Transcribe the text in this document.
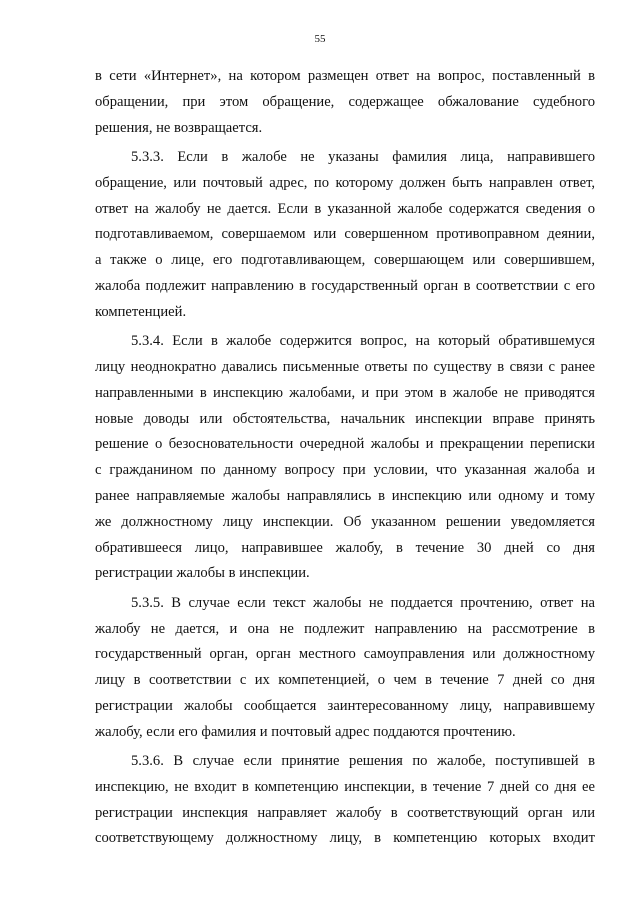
55

в сети «Интернет», на котором размещен ответ на вопрос, поставленный в
обращении, при этом обращение, содержащее обжалование судебного
решения, не возвращается.

5.3.3. Если в жалобе не указаны фамилия лица, направившего
обращение, или почтовый адрес, по которому должен быть направлен ответ,
ответ на жалобу не дается. Если в указанной жалобе содержатся сведения о
подготавливаемом, совершаемом или совершенном противоправном деянии,
а также о лице, его подготавливающем, совершающем или совершившем,
жалоба подлежит направлению в государственный орган в соответствии с его
компетенцией.

5.3.4. Если в жалобе содержится вопрос, на который обратившемуся
лицу неоднократно давались письменные ответы по существу в связи с ранее
направленными в инспекцию жалобами, и при этом в жалобе не приводятся
новые доводы или обстоятельства, начальник инспекции вправе принять
решение о безосновательности очередной жалобы и прекращении переписки
с гражданином по данному вопросу при условии, что указанная жалоба и
ранее направляемые жалобы направлялись в инспекцию или одному и тому
же должностному лицу инспекции. Об указанном решении уведомляется
обратившееся лицо, направившее жалобу, в течение 30 дней со дня
регистрации жалобы в инспекции.

5.3.5. В случае если текст жалобы не поддается прочтению, ответ на
жалобу не дается, и она не подлежит направлению на рассмотрение в
государственный орган, орган местного самоуправления или должностному
лицу в соответствии с их компетенцией, о чем в течение 7 дней со дня
регистрации жалобы сообщается заинтересованному лицу, направившему
жалобу, если его фамилия и почтовый адрес поддаются прочтению.

5.3.6. В случае если принятие решения по жалобе, поступившей в
инспекцию, не входит в компетенцию инспекции, в течение 7 дней со дня ее
регистрации инспекция направляет жалобу в соответствующий орган или
соответствующему должностному лицу, в компетенцию которых входит
